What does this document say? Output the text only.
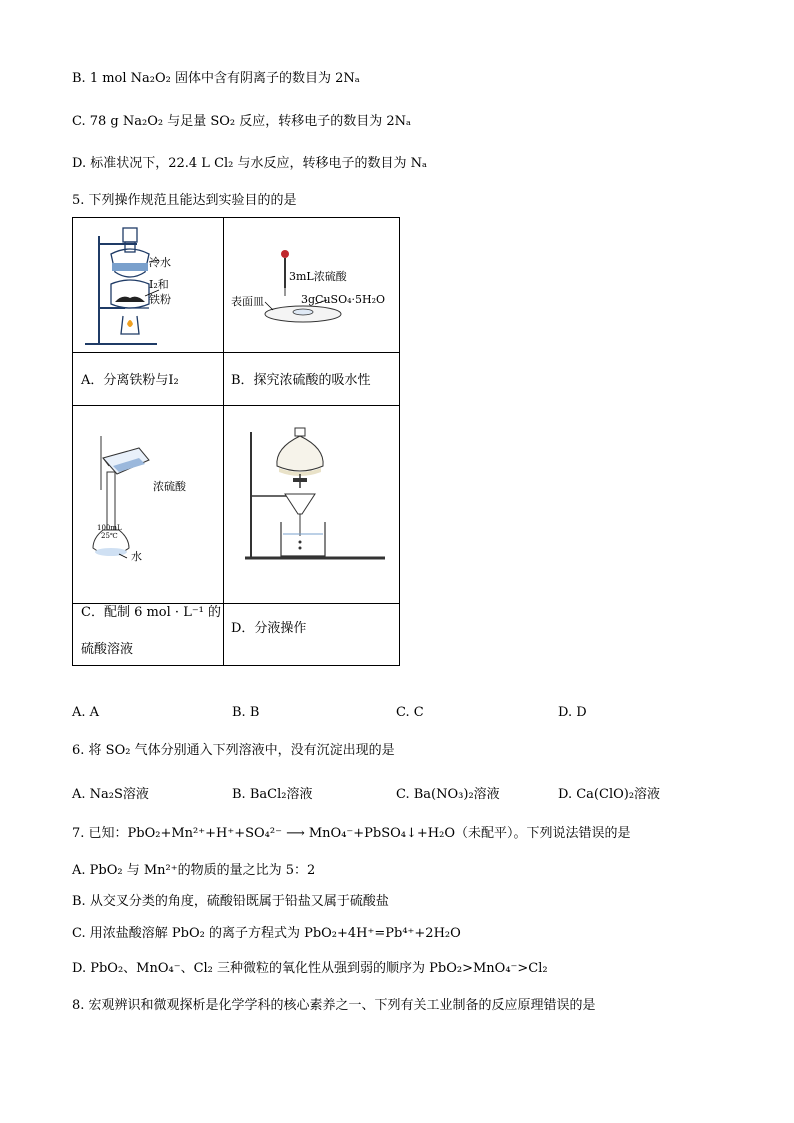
B. 1 mol Na₂O₂ 固体中含有阴离子的数目为 2Nₐ
C. 78 g Na₂O₂ 与足量 SO₂ 反应，转移电子的数目为 2Nₐ
D. 标准状况下，22.4 L Cl₂ 与水反应，转移电子的数目为 Nₐ
5. 下列操作规范且能达到实验目的的是
冷水
I₂和
铁粉
3mL浓硫酸
表面皿	3gCuSO₄·5H₂O
浓硫酸
100mL
25℃
水
A．分离铁粉与I₂	B．探究浓硫酸的吸水性
C．配制 6 mol · L⁻¹ 的
硫酸溶液
D．分液操作
A. A	B. B	C. C	D. D
6. 将 SO₂ 气体分别通入下列溶液中，没有沉淀出现的是
A. Na₂S溶液	B. BaCl₂溶液	C. Ba(NO₃)₂溶液	D. Ca(ClO)₂溶液
7. 已知：PbO₂+Mn²⁺+H⁺+SO₄²⁻ ⟶ MnO₄⁻+PbSO₄↓+H₂O（未配平）。下列说法错误的是
A. PbO₂ 与 Mn²⁺的物质的量之比为 5：2
B. 从交叉分类的角度，硫酸铅既属于铅盐又属于硫酸盐
C. 用浓盐酸溶解 PbO₂ 的离子方程式为 PbO₂+4H⁺=Pb⁴⁺+2H₂O
D. PbO₂、MnO₄⁻、Cl₂ 三种微粒的氧化性从强到弱的顺序为 PbO₂>MnO₄⁻>Cl₂
8. 宏观辨识和微观探析是化学学科的核心素养之一、下列有关工业制备的反应原理错误的是
